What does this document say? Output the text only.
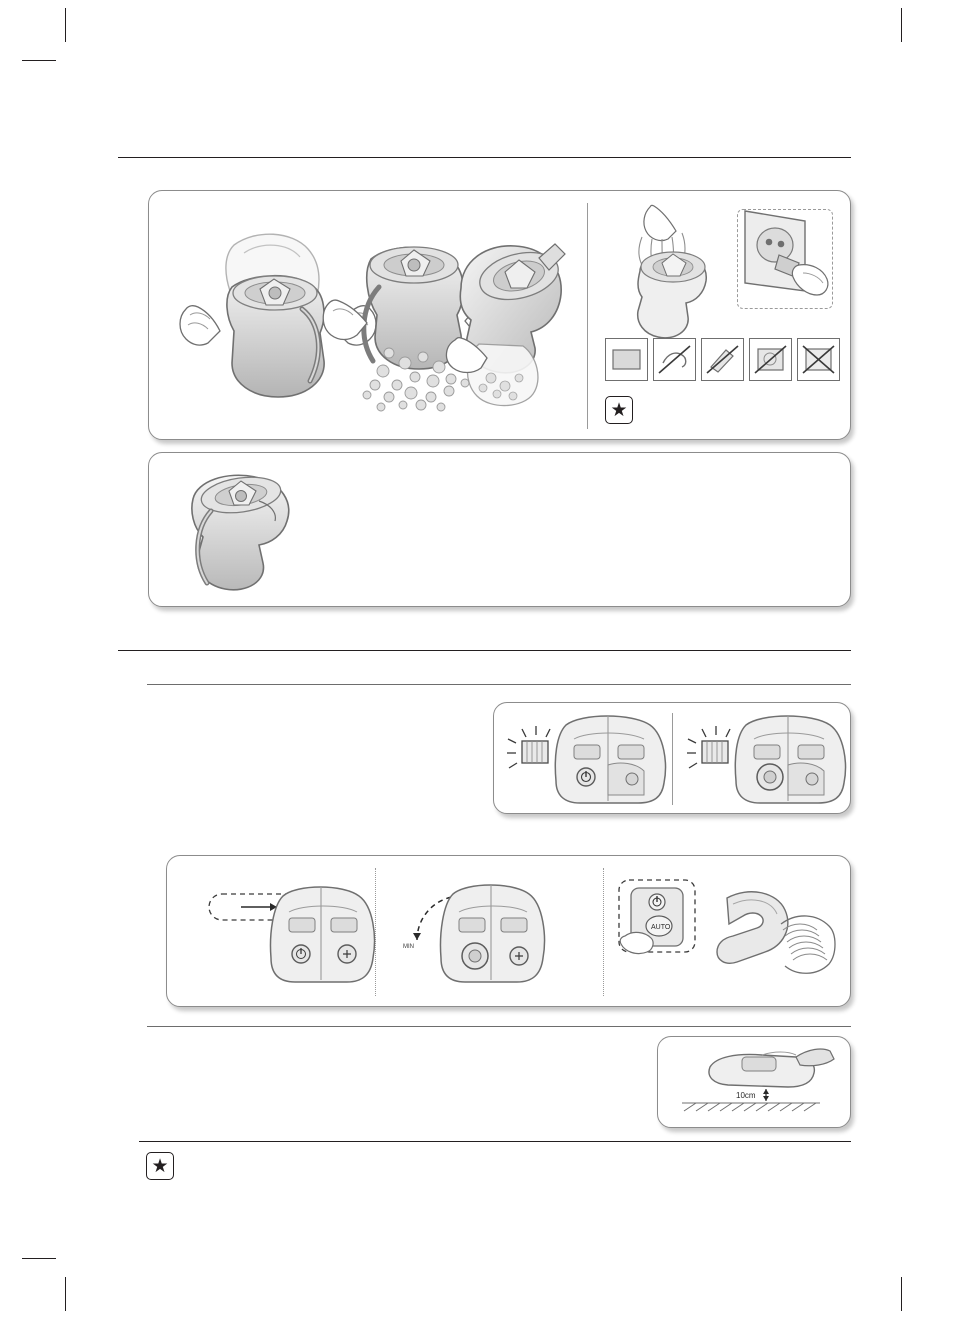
★
MIN
AUTO
10cm
★
